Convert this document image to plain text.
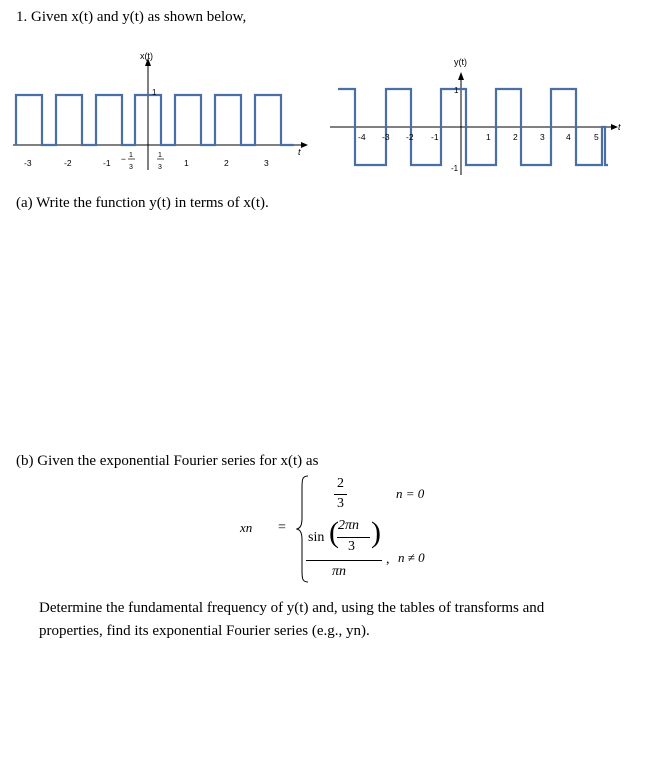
1. Given x(t) and y(t) as shown below,
x(t)
1
t
-3	-2	-1 − 1
3
1
3	1	2	3
y(t)
1
-1
t
-4 -3 -2 -1	1	2	3	4	5
(a) Write the function y(t) in terms of x(t).
(b) Given the exponential Fourier series for x(t) as
xn =
2
3
n = 0
sin ( 2πn
3 )
πn
, n ≠ 0
Determine the fundamental frequency of y(t) and, using the tables of transforms and
properties, find its exponential Fourier series (e.g., yn).
